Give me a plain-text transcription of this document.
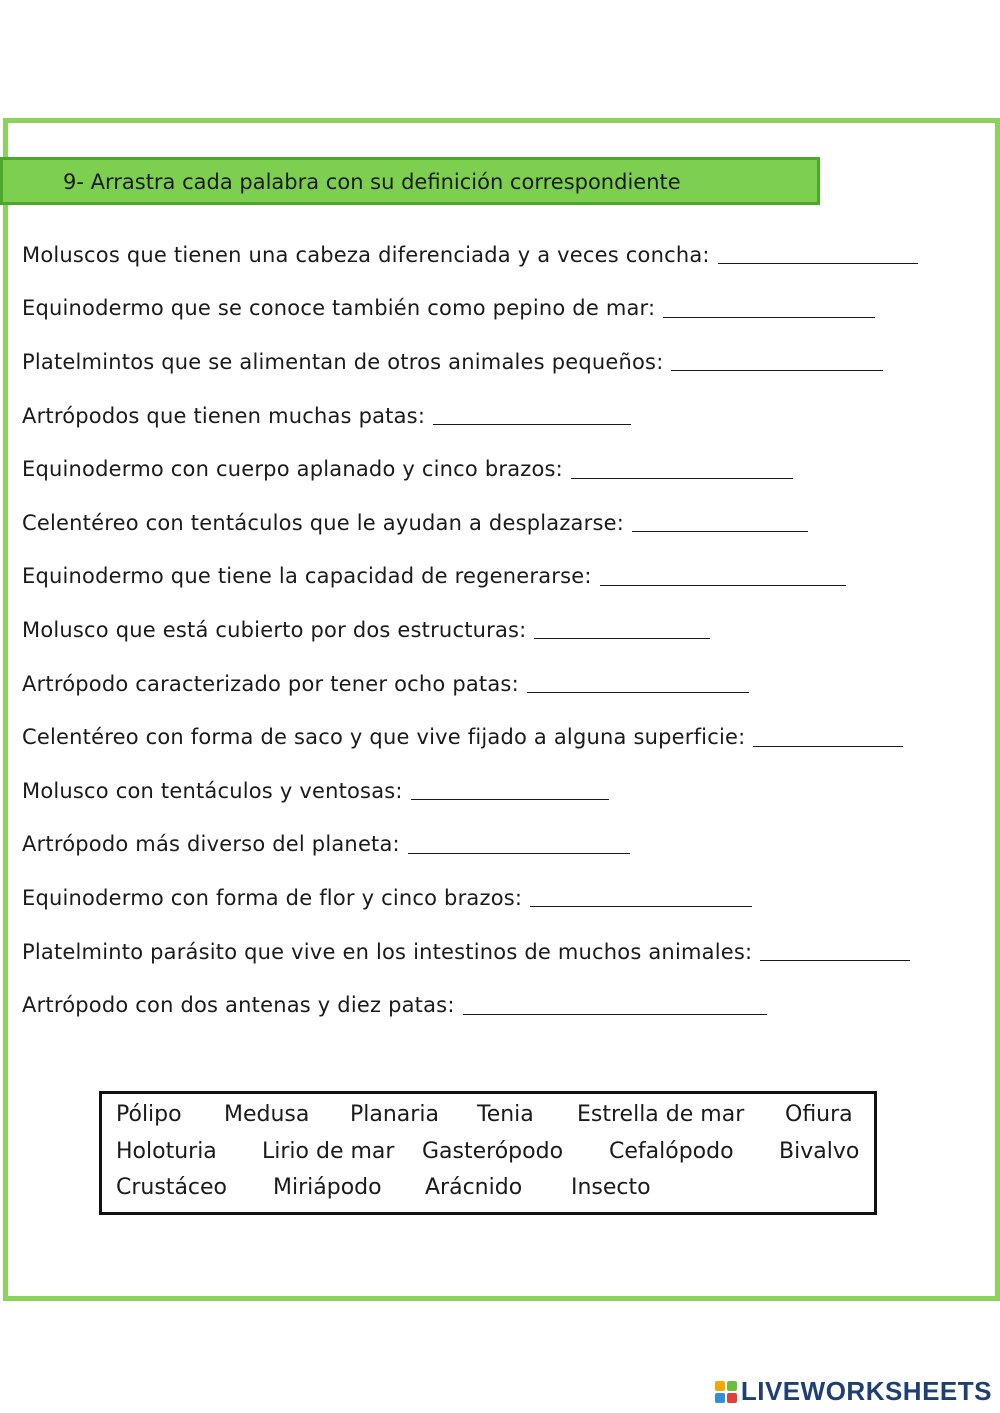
9- Arrastra cada palabra con su definición correspondiente
Moluscos que tienen una cabeza diferenciada y a veces concha:
Equinodermo que se conoce también como pepino de mar:
Platelmintos que se alimentan de otros animales pequeños:
Artrópodos que tienen muchas patas:
Equinodermo con cuerpo aplanado y cinco brazos:
Celentéreo con tentáculos que le ayudan a desplazarse:
Equinodermo que tiene la capacidad de regenerarse:
Molusco que está cubierto por dos estructuras:
Artrópodo caracterizado por tener ocho patas:
Celentéreo con forma de saco y que vive fijado a alguna superficie:
Molusco con tentáculos y ventosas:
Artrópodo más diverso del planeta:
Equinodermo con forma de flor y cinco brazos:
Platelminto parásito que vive en los intestinos de muchos animales:
Artrópodo con dos antenas y diez patas:
Pólipo Medusa Planaria Tenia Estrella de mar Ofiura
Holoturia Lirio de mar Gasterópodo Cefalópodo Bivalvo
Crustáceo Miriápodo Arácnido Insecto
LIVEWORKSHEETS
